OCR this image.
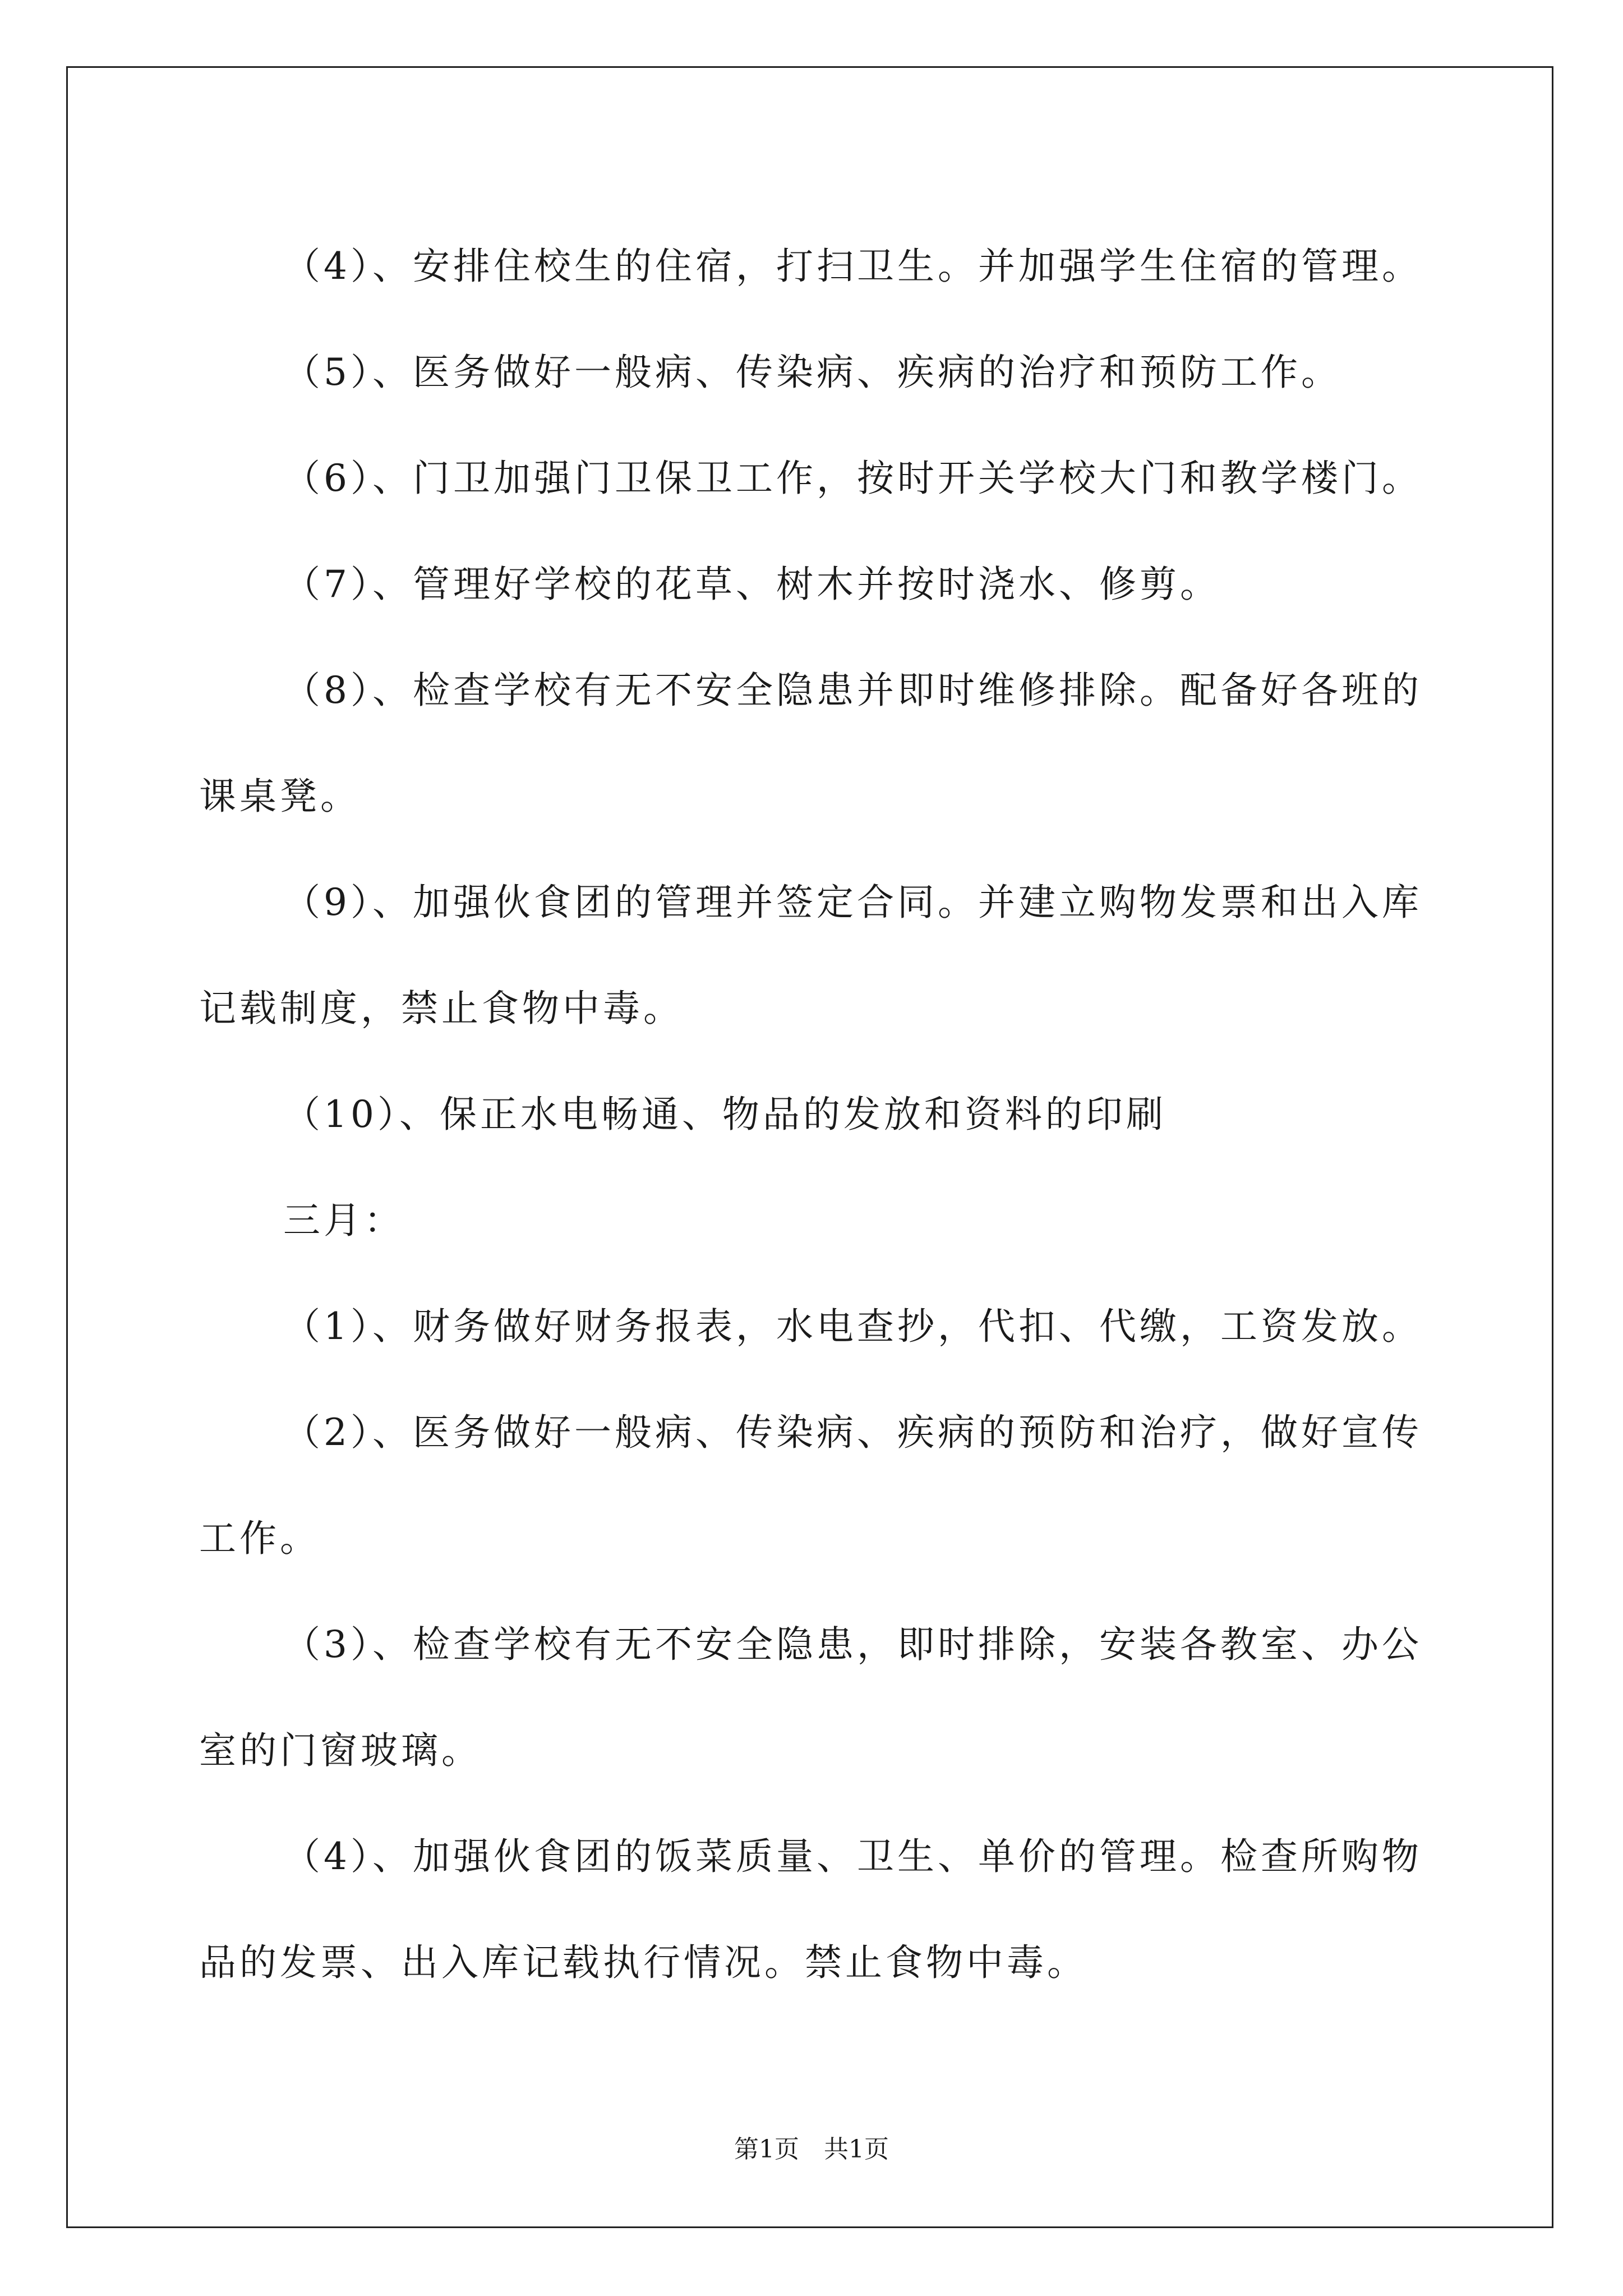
（4）、安排住校生的住宿，打扫卫生。并加强学生住宿的管理。

（5）、医务做好一般病、传染病、疾病的治疗和预防工作。

（6）、门卫加强门卫保卫工作，按时开关学校大门和教学楼门。

（7）、管理好学校的花草、树木并按时浇水、修剪。

（8）、检查学校有无不安全隐患并即时维修排除。配备好各班的课桌凳。

（9）、加强伙食团的管理并签定合同。并建立购物发票和出入库记载制度，禁止食物中毒。

（10）、保正水电畅通、物品的发放和资料的印刷

三月：

（1）、财务做好财务报表，水电查抄，代扣、代缴，工资发放。

（2）、医务做好一般病、传染病、疾病的预防和治疗，做好宣传工作。

（3）、检查学校有无不安全隐患，即时排除，安装各教室、办公室的门窗玻璃。

（4）、加强伙食团的饭菜质量、卫生、单价的管理。检查所购物品的发票、出入库记载执行情况。禁止食物中毒。

第1页　共1页
